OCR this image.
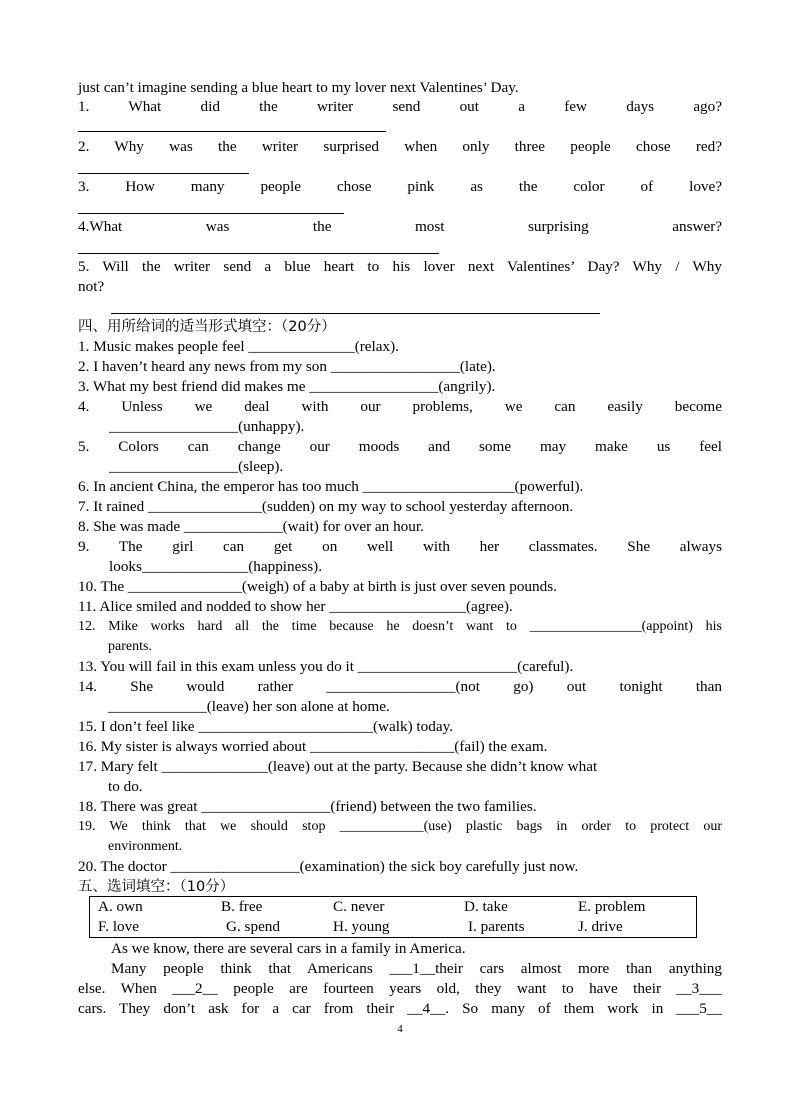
just can’t imagine sending a blue heart to my lover next Valentines’ Day.
1. What did the writer send out a few days ago?
2. Why was the writer surprised when only three people chose red?
3. How many people chose pink as the color of love?
4.What was the most surprising answer?
5. Will the writer send a blue heart to his lover next Valentines’ Day? Why / Why
not?
四、用所给词的适当形式填空：（20分）
1. Music makes people feel ______________(relax).
2. I haven’t heard any news from my son _________________(late).
3. What my best friend did makes me _________________(angrily).
4. Unless we deal with our problems, we can easily become
_________________(unhappy).
5. Colors can change our moods and some may make us feel
_________________(sleep).
6. In ancient China, the emperor has too much ____________________(powerful).
7. It rained _______________(sudden) on my way to school yesterday afternoon.
8. She was made _____________(wait) for over an hour.
9. The girl can get on well with her classmates. She always
looks______________(happiness).
10. The _______________(weigh) of a baby at birth is just over seven pounds.
11. Alice smiled and nodded to show her __________________(agree).
12. Mike works hard all the time because he doesn’t want to ________________(appoint) his
parents.
13. You will fail in this exam unless you do it _____________________(careful).
14. She would rather _________________(not go) out tonight than
_____________(leave) her son alone at home.
15. I don’t feel like _______________________(walk) today.
16. My sister is always worried about ___________________(fail) the exam.
17. Mary felt ______________(leave) out at the party. Because she didn’t know what
to do.
18. There was great _________________(friend) between the two families.
19. We think that we should stop ____________(use) plastic bags in order to protect our
environment.
20. The doctor _________________(examination) the sick boy carefully just now.
五、选词填空：（10分）
A. own	B. free	C. never	D. take	E. problem
F. love	G. spend	H. young	I. parents	J. drive
As we know, there are several cars in a family in America.
Many people think that Americans ___1__their cars almost more than anything
else. When ___2__ people are fourteen years old, they want to have their __3___
cars. They don’t ask for a car from their __4__. So many of them work in ___5__
4
